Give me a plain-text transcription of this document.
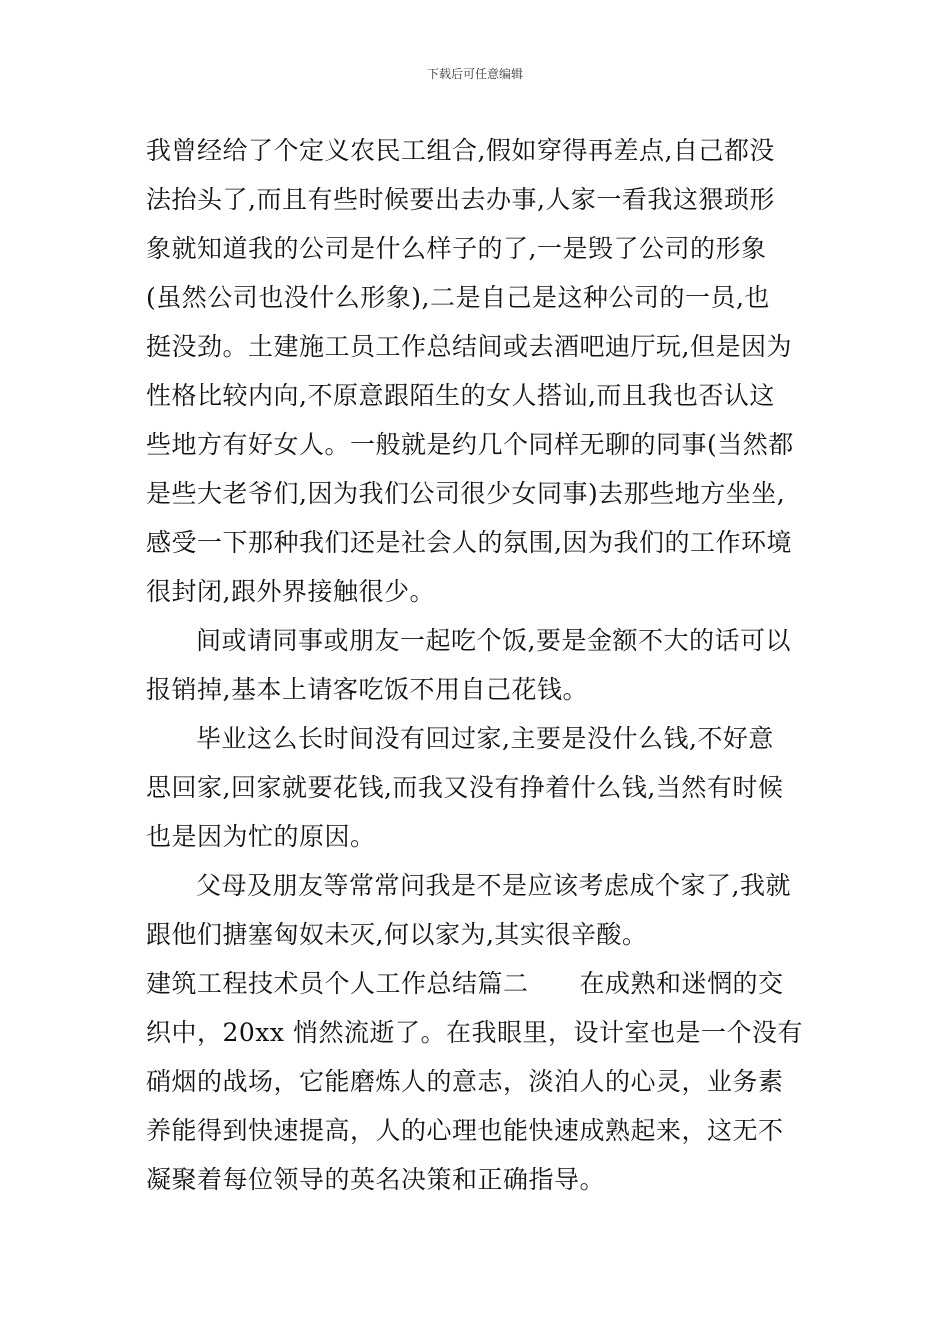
下载后可任意编辑
我曾经给了个定义农民工组合,假如穿得再差点,自己都没
法抬头了,而且有些时候要出去办事,人家一看我这猥琐形
象就知道我的公司是什么样子的了,一是毁了公司的形象
(虽然公司也没什么形象),二是自己是这种公司的一员,也
挺没劲。土建施工员工作总结间或去酒吧迪厅玩,但是因为
性格比较内向,不原意跟陌生的女人搭讪,而且我也否认这
些地方有好女人。一般就是约几个同样无聊的同事(当然都
是些大老爷们,因为我们公司很少女同事)去那些地方坐坐,
感受一下那种我们还是社会人的氛围,因为我们的工作环境
很封闭,跟外界接触很少。
间或请同事或朋友一起吃个饭,要是金额不大的话可以
报销掉,基本上请客吃饭不用自己花钱。
毕业这么长时间没有回过家,主要是没什么钱,不好意
思回家,回家就要花钱,而我又没有挣着什么钱,当然有时候
也是因为忙的原因。
父母及朋友等常常问我是不是应该考虑成个家了,我就
跟他们搪塞匈奴未灭,何以家为,其实很辛酸。
建筑工程技术员个人工作总结篇二　　在成熟和迷惘的交
织中，20xx 悄然流逝了。在我眼里，设计室也是一个没有
硝烟的战场，它能磨炼人的意志，淡泊人的心灵，业务素
养能得到快速提高，人的心理也能快速成熟起来，这无不
凝聚着每位领导的英名决策和正确指导。
